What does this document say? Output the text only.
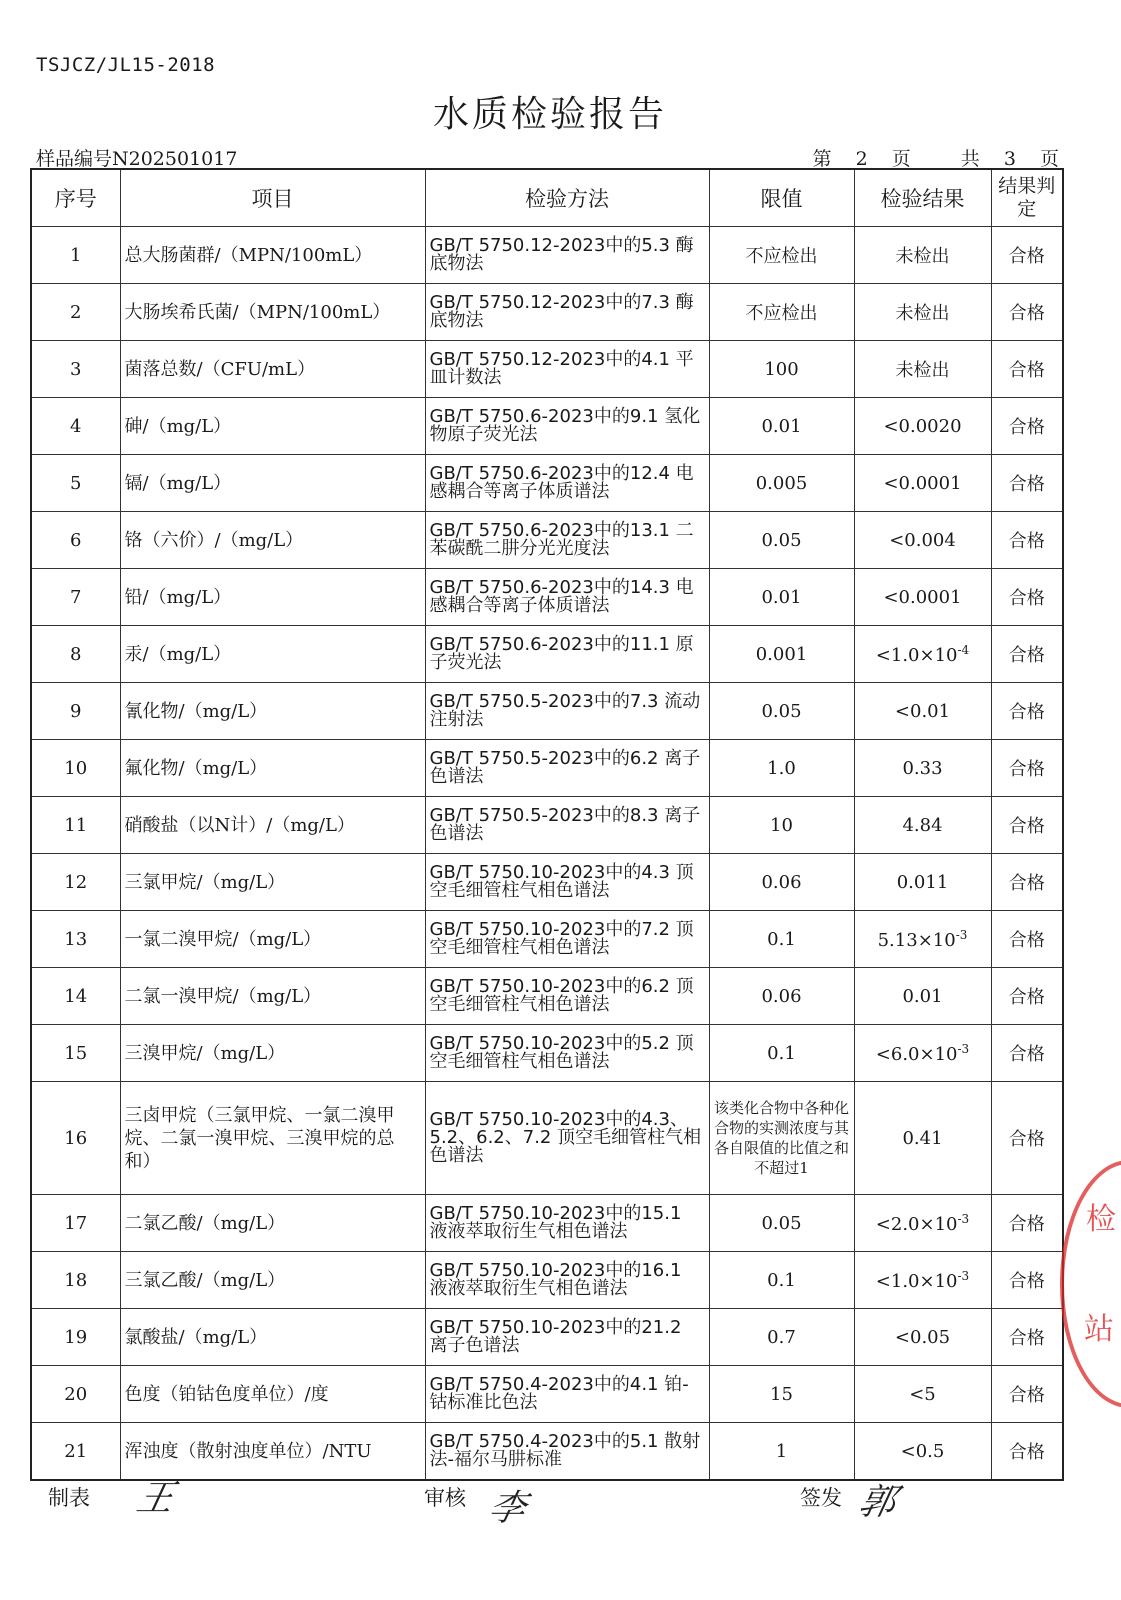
TSJCZ/JL15-2018
水质检验报告
样品编号N202501017	第 2 页	共 3 页
序号	项目	检验方法	限值	检验结果	结果判定
1	总大肠菌群/（MPN/100mL）	GB/T 5750.12-2023中的5.3 酶底物法	不应检出	未检出	合格
2	大肠埃希氏菌/（MPN/100mL）	GB/T 5750.12-2023中的7.3 酶底物法	不应检出	未检出	合格
3	菌落总数/（CFU/mL）	GB/T 5750.12-2023中的4.1 平皿计数法	100	未检出	合格
4	砷/（mg/L）	GB/T 5750.6-2023中的9.1 氢化物原子荧光法	0.01	<0.0020	合格
5	镉/（mg/L）	GB/T 5750.6-2023中的12.4 电感耦合等离子体质谱法	0.005	<0.0001	合格
6	铬（六价）/（mg/L）	GB/T 5750.6-2023中的13.1 二苯碳酰二肼分光光度法	0.05	<0.004	合格
7	铅/（mg/L）	GB/T 5750.6-2023中的14.3 电感耦合等离子体质谱法	0.01	<0.0001	合格
8	汞/（mg/L）	GB/T 5750.6-2023中的11.1 原子荧光法	0.001	$<1.0\times 10^{-4}$	合格
9	氰化物/（mg/L）	GB/T 5750.5-2023中的7.3 流动注射法	0.05	<0.01	合格
10	氟化物/（mg/L）	GB/T 5750.5-2023中的6.2 离子色谱法	1.0	0.33	合格
11	硝酸盐（以N计）/（mg/L）	GB/T 5750.5-2023中的8.3 离子色谱法	10	4.84	合格
12	三氯甲烷/（mg/L）	GB/T 5750.10-2023中的4.3 顶空毛细管柱气相色谱法	0.06	0.011	合格
13	一氯二溴甲烷/（mg/L）	GB/T 5750.10-2023中的7.2 顶空毛细管柱气相色谱法	0.1	$5.13\times 10^{-3}$	合格
14	二氯一溴甲烷/（mg/L）	GB/T 5750.10-2023中的6.2 顶空毛细管柱气相色谱法	0.06	0.01	合格
15	三溴甲烷/（mg/L）	GB/T 5750.10-2023中的5.2 顶空毛细管柱气相色谱法	0.1	$<6.0\times 10^{-3}$	合格
16	三卤甲烷（三氯甲烷、一氯二溴甲烷、二氯一溴甲烷、三溴甲烷的总和）	GB/T 5750.10-2023中的4.3、5.2、6.2、7.2 顶空毛细管柱气相色谱法	该类化合物中各种化合物的实测浓度与其各自限值的比值之和不超过1	0.41	合格
17	二氯乙酸/（mg/L）	GB/T 5750.10-2023中的15.1 液液萃取衍生气相色谱法	0.05	$<2.0\times 10^{-3}$	合格
18	三氯乙酸/（mg/L）	GB/T 5750.10-2023中的16.1 液液萃取衍生气相色谱法	0.1	$<1.0\times 10^{-3}$	合格
19	氯酸盐/（mg/L）	GB/T 5750.10-2023中的21.2 离子色谱法	0.7	<0.05	合格
20	色度（铂钴色度单位）/度	GB/T 5750.4-2023中的4.1 铂-钴标准比色法	15	<5	合格
21	浑浊度（散射浊度单位）/NTU	GB/T 5750.4-2023中的5.1 散射法-福尔马肼标准	1	<0.5	合格
检
站
制表 王	审核 李	签发 郭
